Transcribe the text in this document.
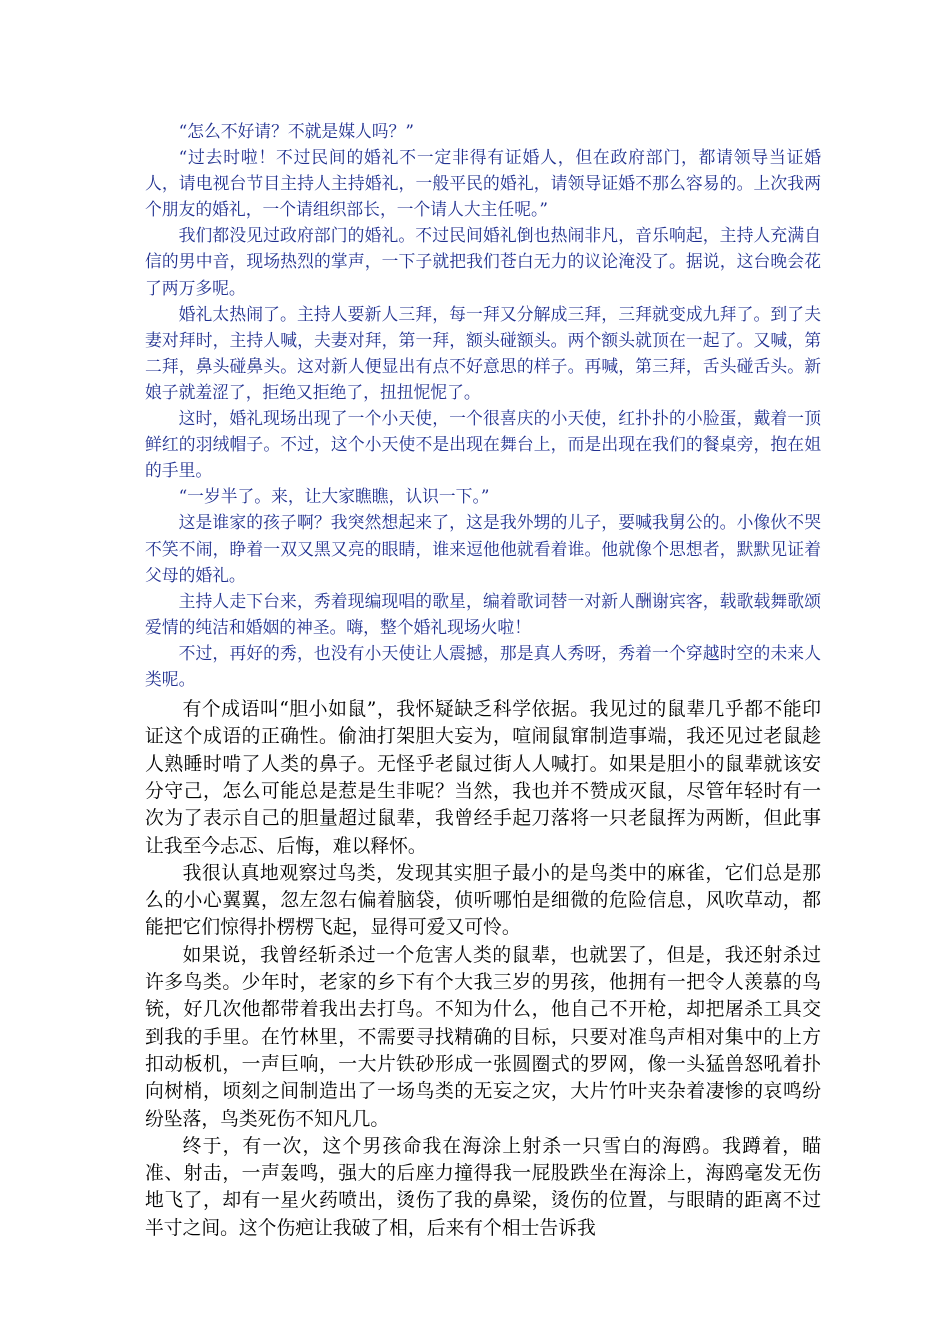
“怎么不好请？不就是媒人吗？”

“过去时啦！不过民间的婚礼不一定非得有证婚人，但在政府部门，都请领导当证婚人，请电视台节目主持人主持婚礼，一般平民的婚礼，请领导证婚不那么容易的。上次我两个朋友的婚礼，一个请组织部长，一个请人大主任呢。”

我们都没见过政府部门的婚礼。不过民间婚礼倒也热闹非凡，音乐响起，主持人充满自信的男中音，现场热烈的掌声，一下子就把我们苍白无力的议论淹没了。据说，这台晚会花了两万多呢。

婚礼太热闹了。主持人要新人三拜，每一拜又分解成三拜，三拜就变成九拜了。到了夫妻对拜时，主持人喊，夫妻对拜，第一拜，额头碰额头。两个额头就顶在一起了。又喊，第二拜，鼻头碰鼻头。这对新人便显出有点不好意思的样子。再喊，第三拜，舌头碰舌头。新娘子就羞涩了，拒绝又拒绝了，扭扭怩怩了。

这时，婚礼现场出现了一个小天使，一个很喜庆的小天使，红扑扑的小脸蛋，戴着一顶鲜红的羽绒帽子。不过，这个小天使不是出现在舞台上，而是出现在我们的餐桌旁，抱在姐的手里。

“一岁半了。来，让大家瞧瞧，认识一下。”

这是谁家的孩子啊？我突然想起来了，这是我外甥的儿子，要喊我舅公的。小像伙不哭不笑不闹，睁着一双又黑又亮的眼睛，谁来逗他他就看着谁。他就像个思想者，默默见证着父母的婚礼。

主持人走下台来，秀着现编现唱的歌星，编着歌词替一对新人酬谢宾客，载歌载舞歌颂爱情的纯洁和婚姻的神圣。嗨，整个婚礼现场火啦！

不过，再好的秀，也没有小天使让人震撼，那是真人秀呀，秀着一个穿越时空的未来人类呢。

有个成语叫“胆小如鼠”，我怀疑缺乏科学依据。我见过的鼠辈几乎都不能印证这个成语的正确性。偷油打架胆大妄为，喧闹鼠窜制造事端，我还见过老鼠趁人熟睡时啃了人类的鼻子。无怪乎老鼠过街人人喊打。如果是胆小的鼠辈就该安分守己，怎么可能总是惹是生非呢？当然，我也并不赞成灭鼠，尽管年轻时有一次为了表示自己的胆量超过鼠辈，我曾经手起刀落将一只老鼠挥为两断，但此事让我至今忐忑、后悔，难以释怀。

我很认真地观察过鸟类，发现其实胆子最小的是鸟类中的麻雀，它们总是那么的小心翼翼，忽左忽右偏着脑袋，侦听哪怕是细微的危险信息，风吹草动，都能把它们惊得扑楞楞飞起，显得可爱又可怜。

如果说，我曾经斩杀过一个危害人类的鼠辈，也就罢了，但是，我还射杀过许多鸟类。少年时，老家的乡下有个大我三岁的男孩，他拥有一把令人羡慕的鸟铳，好几次他都带着我出去打鸟。不知为什么，他自己不开枪，却把屠杀工具交到我的手里。在竹林里，不需要寻找精确的目标，只要对准鸟声相对集中的上方扣动板机，一声巨响，一大片铁砂形成一张圆圈式的罗网，像一头猛兽怒吼着扑向树梢，顷刻之间制造出了一场鸟类的无妄之灾，大片竹叶夹杂着凄惨的哀鸣纷纷坠落，鸟类死伤不知凡几。

终于，有一次，这个男孩命我在海涂上射杀一只雪白的海鸥。我蹲着，瞄准、射击，一声轰鸣，强大的后座力撞得我一屁股跌坐在海涂上，海鸥毫发无伤地飞了，却有一星火药喷出，烫伤了我的鼻梁，烫伤的位置，与眼睛的距离不过半寸之间。这个伤疤让我破了相，后来有个相士告诉我
